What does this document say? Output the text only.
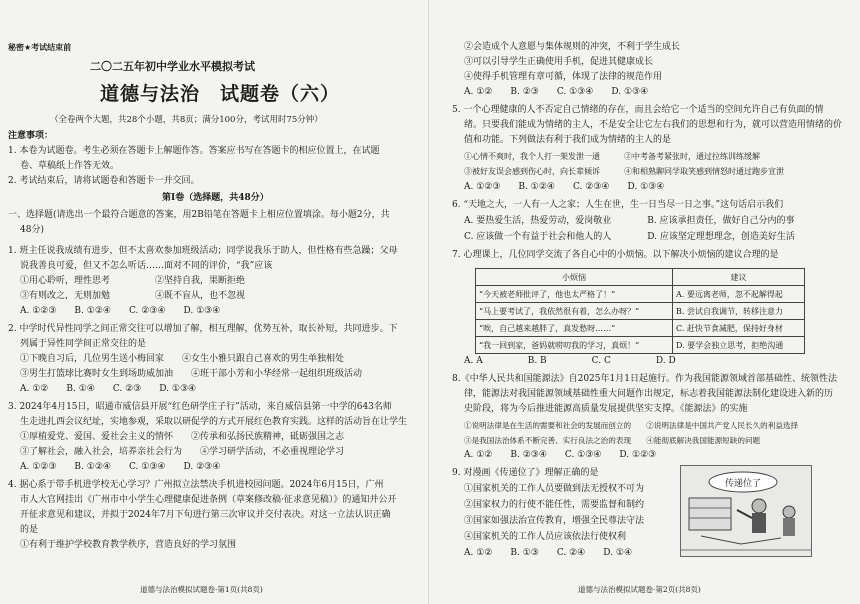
秘密★考试结束前
二〇二五年初中学业水平模拟考试
道德与法治　试题卷（六）
（全卷两个大题，共28个小题，共8页；满分100分，考试用时75分钟）
注意事项：
1. 本卷为试题卷。考生必须在答题卡上解题作答。答案应书写在答题卡的相应位置上，在试题
卷、草稿纸上作答无效。
2. 考试结束后，请将试题卷和答题卡一并交回。
第Ⅰ卷（选择题，共48分）
一、选择题(请选出一个最符合题意的答案，用2B铅笔在答题卡上相应位置填涂。每小题2分，共
48分)
1. 班主任说我成绩有进步，但不太喜欢参加班级活动；同学说我乐于助人，但性格有些急躁；父母
说我善良可爱，但又不怎么听话……面对不同的评价，“我”应该
①用心聆听，理性思考　　　　　②坚持自我，果断拒绝
③有则改之，无则加勉　　　　　④既不盲从，也不忽视
A. ①②③　　B. ①②④　　C. ②③④　　D. ①③④
2. 中学时代异性同学之间正常交往可以增加了解，相互理解，优势互补，取长补短，共同进步。下
列属于异性同学间正常交往的是
①下晚自习后，几位男生送小梅回家　　④女生小雅只跟自己喜欢的男生单独相处
③男生打篮球比赛时女生到场助威加油　　④班干部小芳和小华经常一起组织班级活动
A. ①②　　B. ①④　　C. ②③　　D. ①③④
3. 2024年4月15日，昭通市威信县开展“红色研学庄子行”活动，来自威信县第一中学的643名师
生走进扎西会议纪址，实地参观，采取以研促学的方式开展红色教育实践。这样的活动旨在让学生
①厚植爱党、爱国、爱社会主义的情怀　　②传承和弘扬民族精神，砥砺强国之志
③了解社会，融入社会，培养亲社会行为　　④学习研学活动，不必重视理论学习
A. ①②③　　B. ①②④　　C. ①③④　　D. ②③④
4. 据心系于带手机进学校无心学习？广州拟立法禁决手机进校园问题。2024年6月15日，广州
市人大官网挂出《广州市中小学生心理健康促进条例（草案修改稿·征求意见稿）》的通知并公开
开征求意见和建议，并拟于2024年7月下旬进行第三次审议并交付表决。对这一立法认识正确
的是
①有利于维护学校教育教学秩序，营造良好的学习氛围
道德与法治模拟试题卷·第1页(共8页)
②会造成个人意愿与集体规则的冲突，不利于学生成长
③可以引导学生正确使用手机，促进其健康成长
④使得手机管理有章可循，体现了法律的规范作用
A. ①②　　B. ②③　　C. ①③④　　D. ①③④
5. 一个心理健康的人不否定自己情绪的存在，而且会给它一个适当的空间允许自己有负面的情
绪。只要我们能成为情绪的主人，不是安全让它左右我们的思想和行为，就可以营造用情绪的价
值和功能。下列做法有利于我们成为情绪的主人的是
①心情不爽时，我个人打一架发泄一通　　　②中考备考紧张时，通过拉练训练缓解
③被好友误会感到伤心时，向长辈倾诉　　　④和相熟聊同学取笑感到情怒时通过跑步宣泄
A. ①②③　　B. ①②④　　C. ②③④　　D. ①③④
6. “天地之大，一人有一人之家；人生在世，生一日当尽一日之事。”这句话启示我们
A. 要热爱生活，热爱劳动，爱岗敬业　　　　B. 应该承担责任，做好自己分内的事
C. 应该做一个有益于社会和他人的人　　　　D. 应该坚定理想理念，创造美好生活
7. 心理课上，几位同学交流了各自心中的小烦恼。以下解决小烦恼的建议合理的是
A. A　　　　　B. B　　　　　C. C　　　　　D. D
8.《中华人民共和国能源法》自2025年1月1日起施行。作为我国能源领域首部基础性、统领性法
律，能源法对我国能源领域基础性重大问题作出规定，标志着我国能源法制化建设进入新的历
史阶段，将为今后推进能源高质量发展提供坚实支撑。《能源法》的实施
①说明法律是在生活的需要和社会的发展而创立的　　②说明法律是中国共产党人民长久的利益选择
③是我国法治体系不断完善、实行良法之治的表现　　④能彻底解决我国能源短缺的问题
A. ①②　　B. ②③④　　C. ①③④　　D. ①②③
9. 对漫画《传递位了》理解正确的是
①国家机关的工作人员要做到法无授权不可为
②国家权力的行使不能任性，需要监督和制约
③国家如强法治宣传教育，增强全民尊法守法
④国家机关的工作人员应该依法行使权利
A. ①②　　B. ①③　　C. ②④　　D. ①④
道德与法治模拟试题卷·第2页(共8页)
小烦恼	建议
“今天被老师批评了，他也太严格了！”	A. 要远离老师，忽不起解得起
“马上要考试了，我依然很有着，怎么办呀？”	B. 尝试自我调节，转移注意力
“唉，自己越来越胖了，真发愁呀……”	C. 赶快节食减肥，保持好身材
“我一回到家，爸妈就唠叨我的学习，真烦！”	D. 要学会独立思考，拒绝沟通
传递位了
